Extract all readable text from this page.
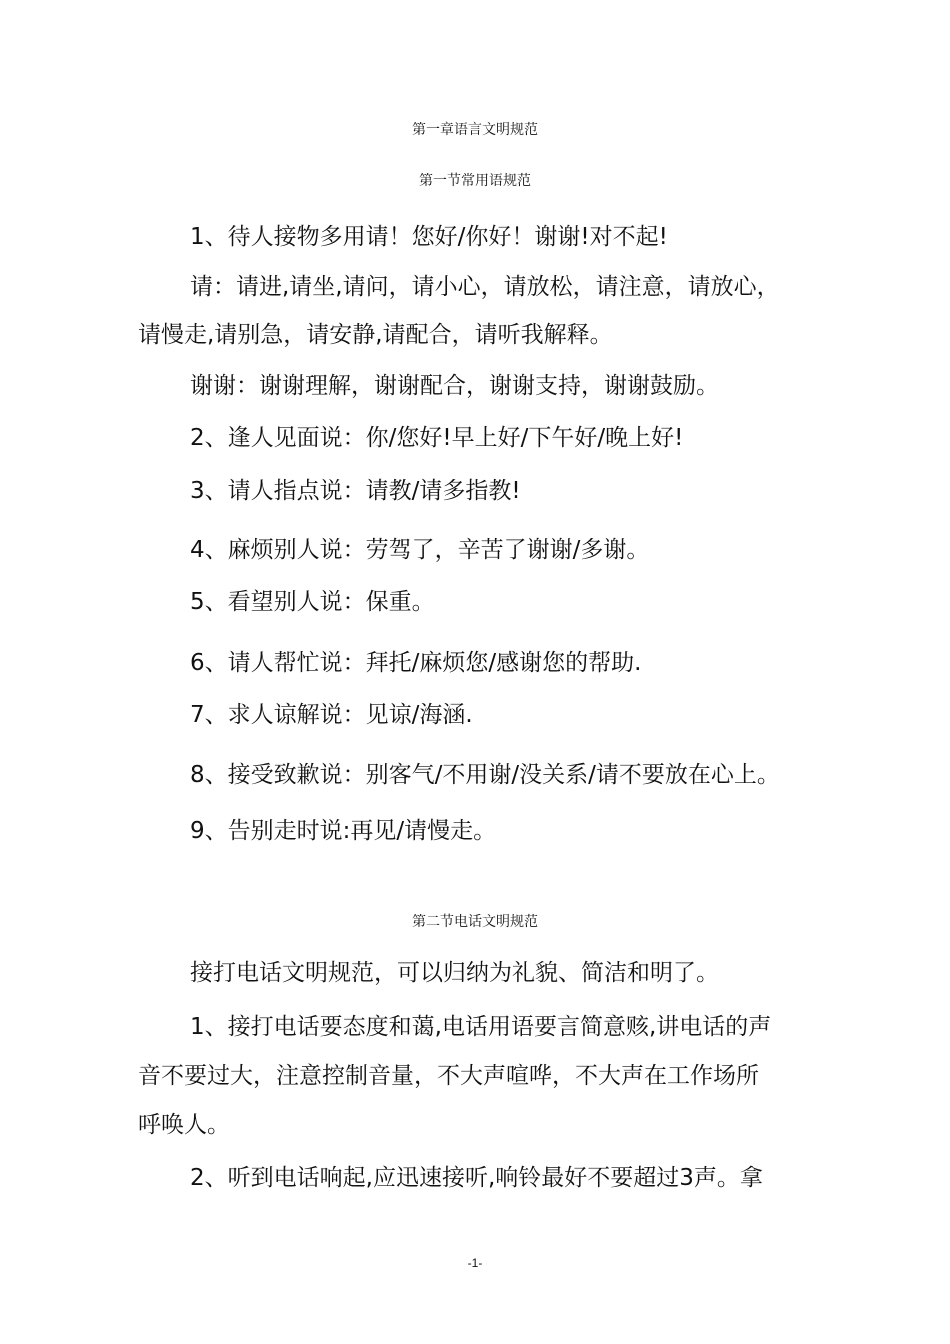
第一章语言文明规范
第一节常用语规范
1、待人接物多用请！您好/你好！谢谢!对不起!
请：请进,请坐,请问，请小心，请放松，请注意，请放心，
请慢走,请别急，请安静,请配合，请听我解释。
谢谢：谢谢理解，谢谢配合，谢谢支持，谢谢鼓励。
2、逢人见面说：你/您好!早上好/下午好/晚上好!
3、请人指点说：请教/请多指教!
4、麻烦别人说：劳驾了，辛苦了谢谢/多谢。
5、看望别人说：保重。
6、请人帮忙说：拜托/麻烦您/感谢您的帮助.
7、求人谅解说：见谅/海涵.
8、接受致歉说：别客气/不用谢/没关系/请不要放在心上。
9、告别走时说:再见/请慢走。
第二节电话文明规范
接打电话文明规范，可以归纳为礼貌、简洁和明了。
1、接打电话要态度和蔼,电话用语要言简意赅,讲电话的声
音不要过大，注意控制音量，不大声喧哗，不大声在工作场所
呼唤人。
2、听到电话响起,应迅速接听,响铃最好不要超过3声。拿
-1-
